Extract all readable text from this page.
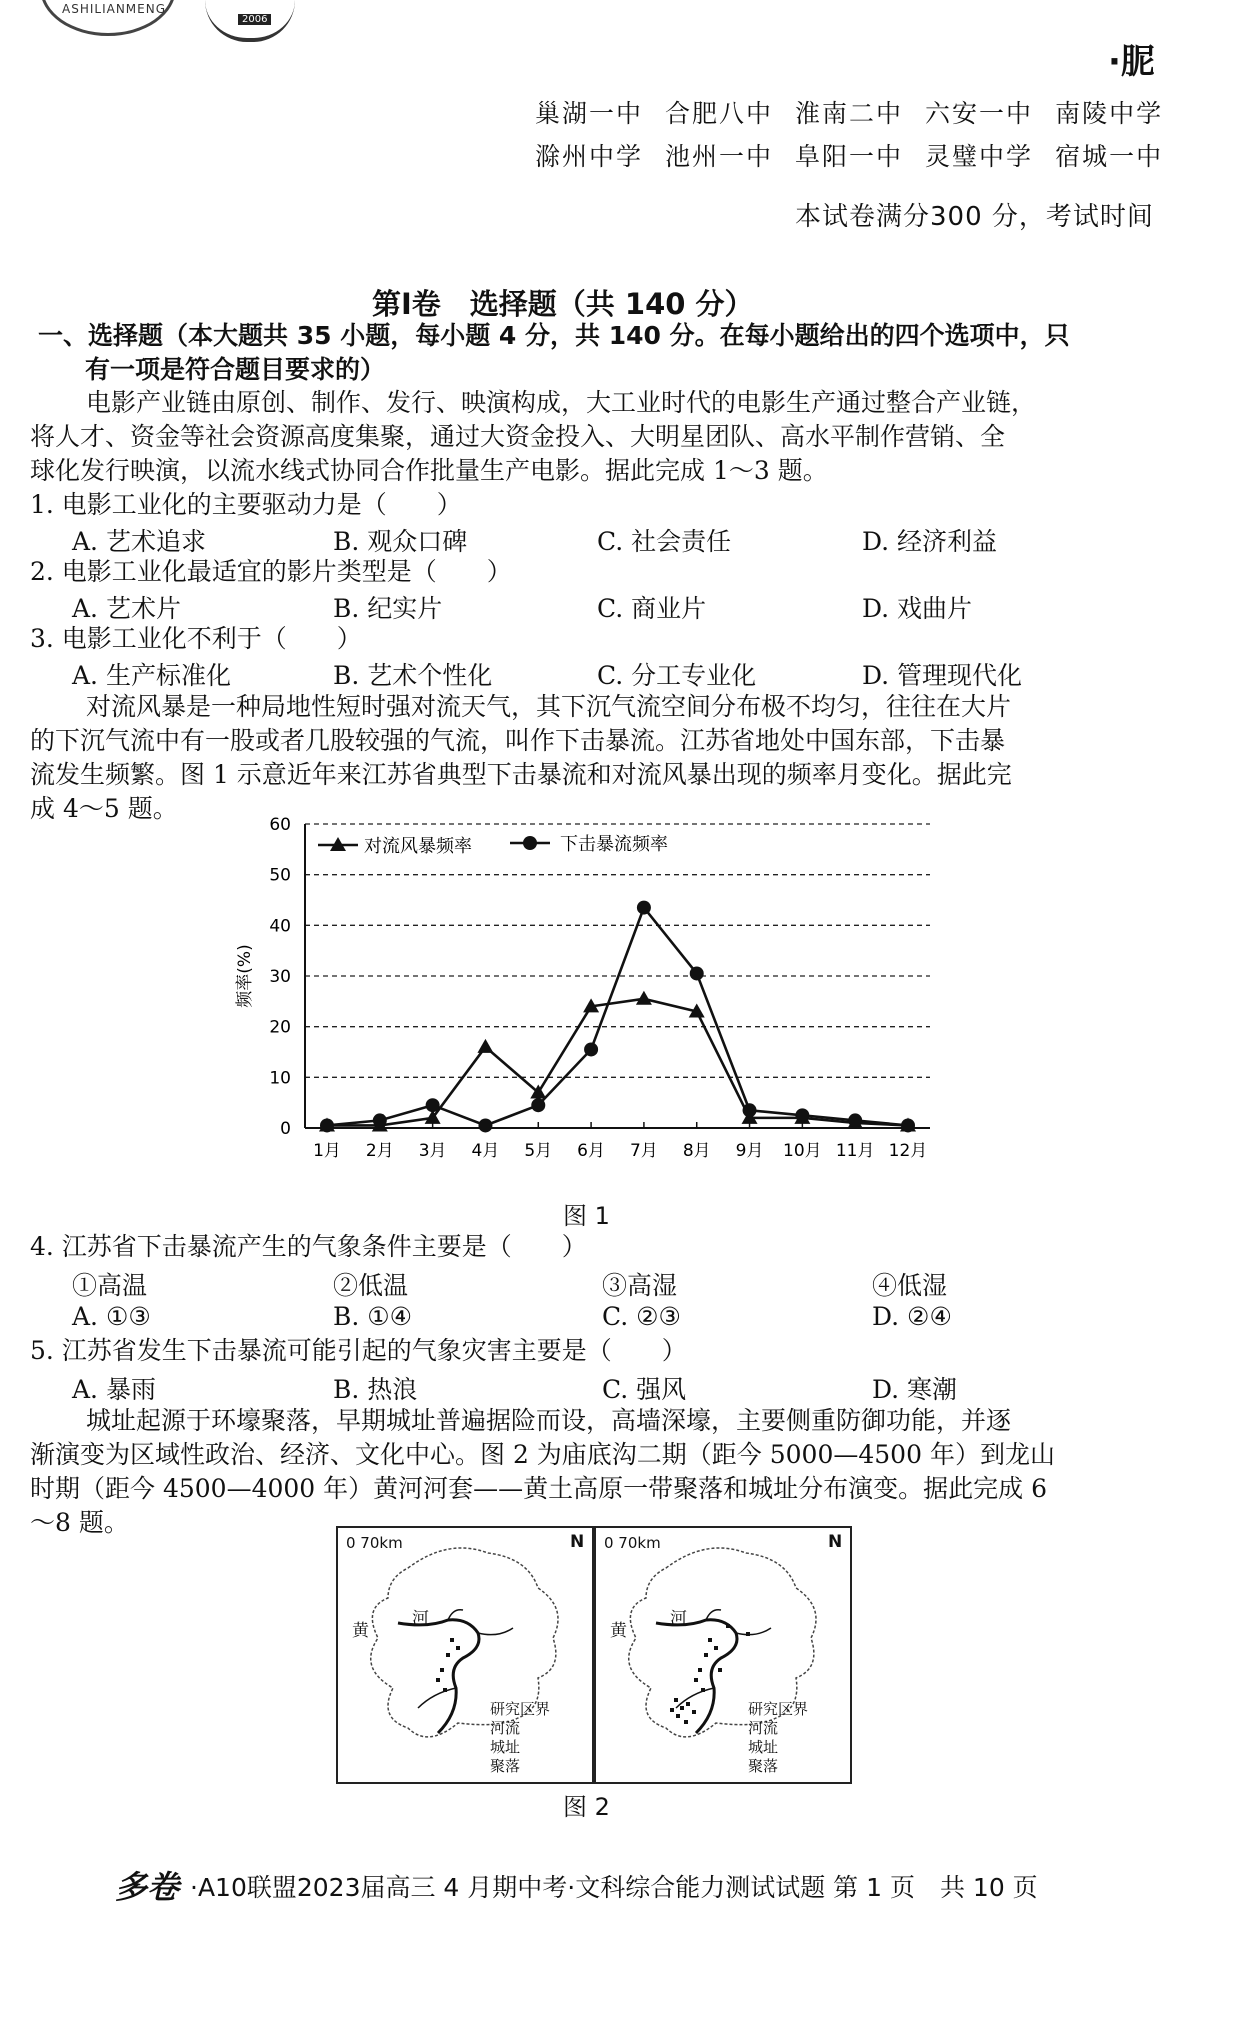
ASHILIANMENG
2006
·胒
巢湖一中 合肥八中 淮南二中 六安一中 南陵中学
滁州中学 池州一中 阜阳一中 灵璧中学 宿城一中
本试卷满分300 分，考试时间
第Ⅰ卷　选择题（共 140 分）
一、选择题（本大题共 35 小题，每小题 4 分，共 140 分。在每小题给出的四个选项中，只
有一项是符合题目要求的）
电影产业链由原创、制作、发行、映演构成，大工业时代的电影生产通过整合产业链，
将人才、资金等社会资源高度集聚，通过大资金投入、大明星团队、高水平制作营销、全
球化发行映演，以流水线式协同合作批量生产电影。据此完成 1～3 题。
1. 电影工业化的主要驱动力是（　　）
A. 艺术追求	B. 观众口碑	C. 社会责任	D. 经济利益
2. 电影工业化最适宜的影片类型是（　　）
A. 艺术片	B. 纪实片	C. 商业片	D. 戏曲片
3. 电影工业化不利于（　　）
A. 生产标准化	B. 艺术个性化	C. 分工专业化	D. 管理现代化
对流风暴是一种局地性短时强对流天气，其下沉气流空间分布极不均匀，往往在大片
的下沉气流中有一股或者几股较强的气流，叫作下击暴流。江苏省地处中国东部，下击暴
流发生频繁。图 1 示意近年来江苏省典型下击暴流和对流风暴出现的频率月变化。据此完
成 4～5 题。
0
10
20
30
40
50
60
1月 2月 3月 4月 5月 6月 7月 8月 9月 10月 11月 12月
频率(%)
对流风暴频率	下击暴流频率
图 1
4. 江苏省下击暴流产生的气象条件主要是（　　）
①高温	②低温	③高湿	④低湿
A. ①③	B. ①④	C. ②③	D. ②④
5. 江苏省发生下击暴流可能引起的气象灾害主要是（　　）
A. 暴雨	B. 热浪	C. 强风	D. 寒潮
城址起源于环壕聚落，早期城址普遍据险而设，高墙深壕，主要侧重防御功能，并逐
渐演变为区域性政治、经济、文化中心。图 2 为庙底沟二期（距今 5000—4500 年）到龙山
时期（距今 4500—4000 年）黄河河套——黄土高原一带聚落和城址分布演变。据此完成 6
～8 题。
0 70km	N
黄
河
研究区界
河流
城址
聚落
0 70km	N
黄
河
研究区界
河流
城址
聚落
图 2
多卷 ·A10联盟2023届高三 4 月期中考·文科综合能力测试试题 第 1 页　共 10 页
